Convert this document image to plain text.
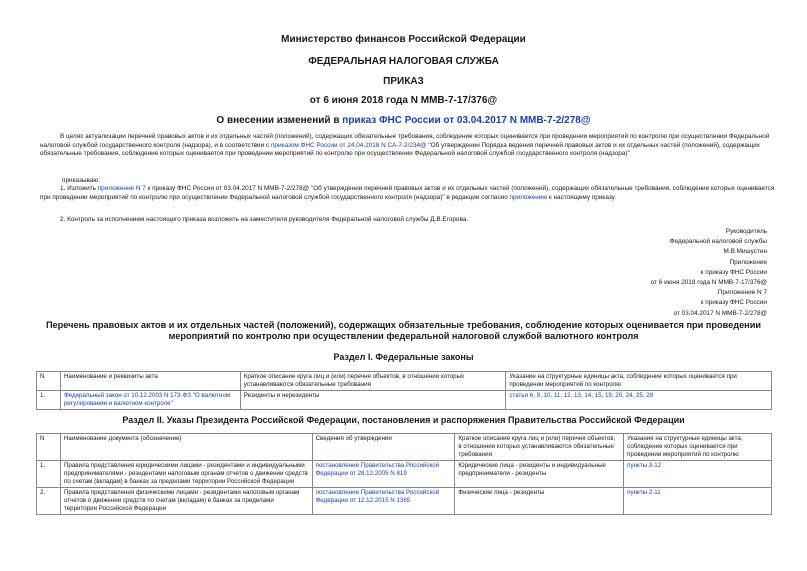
Министерство финансов Российской Федерации
ФЕДЕРАЛЬНАЯ НАЛОГОВАЯ СЛУЖБА
ПРИКАЗ
от 6 июня 2018 года N ММВ-7-17/376@
О внесении изменений в приказ ФНС России от 03.04.2017 N ММВ-7-2/278@
В целях актуализации перечней правовых актов и их отдельных частей (положений), содержащих обязательные требования, соблюдение которых оценивается при проведении мероприятий по контролю при осуществлении Федеральной налоговой службой государственного контроля (надзора), и в соответствии с приказом ФНС России от 24.04.2018 N СА-7-2/234@ "Об утверждении Порядка ведения перечней правовых актов и их отдельных частей (положений), содержащих обязательные требования, соблюдение которых оценивается при проведении мероприятий по контролю при осуществлении Федеральной налоговой службой государственного контроля (надзора)"
приказываю:
1. Изложить приложение N 7 к приказу ФНС России от 03.04.2017 N ММВ-7-2/278@ "Об утверждении перечней правовых актов и их отдельных частей (положений), содержащих обязательные требования, соблюдение которых оценивается при проведении мероприятий по контролю при осуществлении Федеральной налоговой службой государственного контроля (надзора)" в редакции согласно приложению к настоящему приказу.
2. Контроль за исполнением настоящего приказа возложить на заместителя руководителя Федеральной налоговой службы Д.В.Егорова.
Руководитель
Федеральной налоговой службы
М.В.Мишустин
Приложение
к приказу ФНС России
от 6 июня 2018 года N ММВ-7-17/376@
Приложение N 7
к приказу ФНС России
от 03.04.2017 N ММВ-7-2/278@
Перечень правовых актов и их отдельных частей (положений), содержащих обязательные требования, соблюдение которых оценивается при проведении мероприятий по контролю при осуществлении федеральной налоговой службой валютного контроля
Раздел I. Федеральные законы
N	Наименование и реквизиты акта	Краткое описание круга лиц и (или) перечня объектов, в отношении которых устанавливаются обязательные требования	Указание на структурные единицы акта, соблюдение которых оценивается при проведении мероприятий по контролю
1.	Федеральный закон от 10.12.2003 N 173-ФЗ "О валютном регулировании и валютном контроле"	Резиденты и нерезиденты	статьи 6, 9, 10, 11, 12, 13, 14, 15, 19, 20, 24, 25, 28
Раздел II. Указы Президента Российской Федерации, постановления и распоряжения Правительства Российской Федерации
N	Наименование документа (обозначение)	Сведения об утверждении	Краткое описание круга лиц и (или) перечня объектов, в отношении которых устанавливаются обязательные требования	Указание на структурные единицы акта, соблюдение которых оценивается при проведении мероприятий по контролю
1.	Правила представления юридическими лицами - резидентами и индивидуальными предпринимателями - резидентами налоговым органам отчетов о движении средств по счетам (вкладам) в банках за пределами территории Российской Федерации	постановление Правительства Российской Федерации от 28.12.2005 N 819	Юридические лица - резиденты и индивидуальные предприниматели - резиденты	пункты 3-12
2.	Правила представления физическими лицами - резидентами налоговым органам отчетов о движении средств по счетам (вкладам) в банках за пределами территории Российской Федерации	постановление Правительства Российской Федерации от 12.12.2015 N 1365	Физические лица - резиденты	пункты 2-11
